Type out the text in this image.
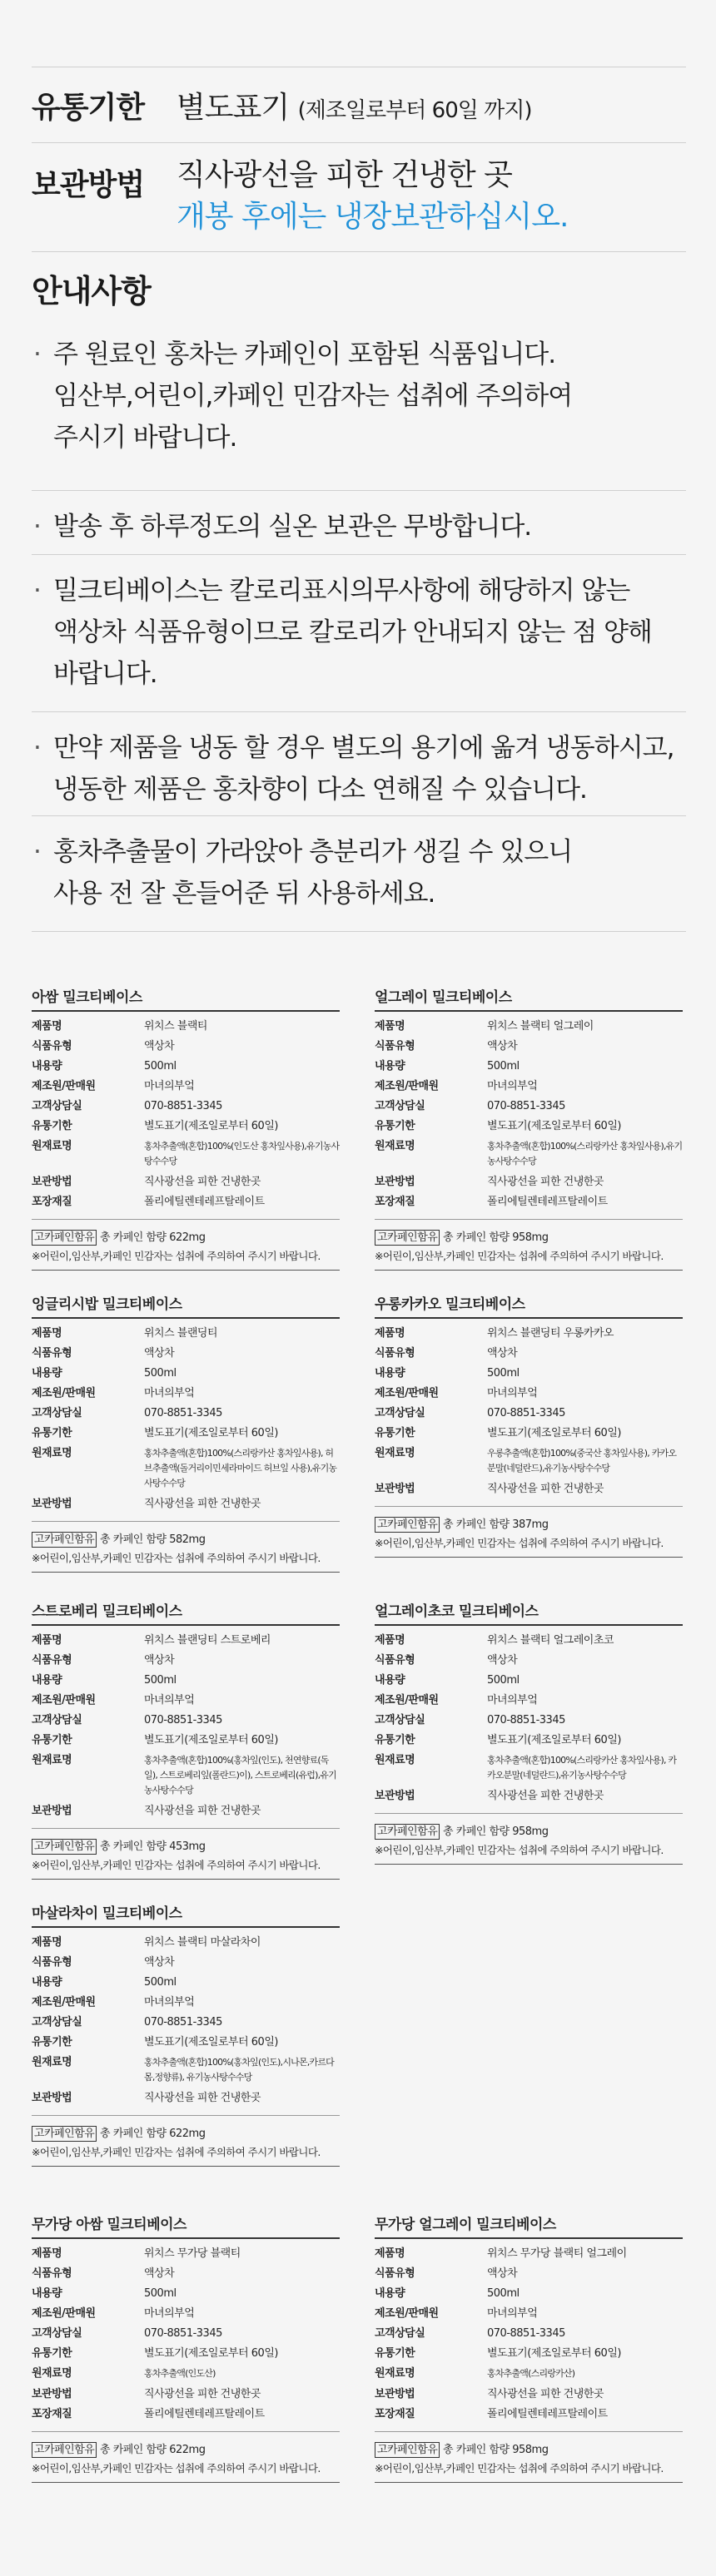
유통기한	별도표기 (제조일로부터 60일 까지)
보관방법	직사광선을 피한 건냉한 곳
개봉 후에는 냉장보관하십시오.
안내사항
· 주 원료인 홍차는 카페인이 포함된 식품입니다.
임산부,어린이,카페인 민감자는 섭취에 주의하여
주시기 바랍니다.
· 발송 후 하루정도의 실온 보관은 무방합니다.
· 밀크티베이스는 칼로리표시의무사항에 해당하지 않는
액상차 식품유형이므로 칼로리가 안내되지 않는 점 양해
바랍니다.
· 만약 제품을 냉동 할 경우 별도의 용기에 옮겨 냉동하시고,
냉동한 제품은 홍차향이 다소 연해질 수 있습니다.
· 홍차추출물이 가라앉아 층분리가 생길 수 있으니
사용 전 잘 흔들어준 뒤 사용하세요.
아쌈 밀크티베이스
제품명	위치스 블랙티
식품유형	액상차
내용량	500ml
제조원/판매원	마녀의부엌
고객상담실	070-8851-3345
유통기한	별도표기(제조일로부터 60일)
원재료명	홍차추출액(혼합)100%(인도산 홍차잎사용),유기농사탕수수당
보관방법	직사광선을 피한 건냉한곳
포장재질	폴리에틸렌테레프탈레이트
고카페인함유 총 카페인 함량 622mg
※어린이,임산부,카페인 민감자는 섭취에 주의하여 주시기 바랍니다.
얼그레이 밀크티베이스
제품명	위치스 블랙티 얼그레이
식품유형	액상차
내용량	500ml
제조원/판매원	마녀의부엌
고객상담실	070-8851-3345
유통기한	별도표기(제조일로부터 60일)
원재료명	홍차추출액(혼합)100%(스리랑카산 홍차잎사용),유기농사탕수수당
보관방법	직사광선을 피한 건냉한곳
포장재질	폴리에틸렌테레프탈레이트
고카페인함유 총 카페인 함량 958mg
※어린이,임산부,카페인 민감자는 섭취에 주의하여 주시기 바랍니다.
잉글리시밥 밀크티베이스
제품명	위치스 블랜딩티
식품유형	액상차
내용량	500ml
제조원/판매원	마녀의부엌
고객상담실	070-8851-3345
유통기한	별도표기(제조일로부터 60일)
원재료명	홍차추출액(혼합)100%(스리랑카산 홍차잎사용), 허브추출액(돌거리이민세라마이드 허브잎 사용),유기농사탕수수당
보관방법	직사광선을 피한 건냉한곳
고카페인함유 총 카페인 함량 582mg
※어린이,임산부,카페인 민감자는 섭취에 주의하여 주시기 바랍니다.
우롱카카오 밀크티베이스
제품명	위치스 블랜딩티 우롱카카오
식품유형	액상차
내용량	500ml
제조원/판매원	마녀의부엌
고객상담실	070-8851-3345
유통기한	별도표기(제조일로부터 60일)
원재료명	우롱추출액(혼합)100%(중국산 홍차잎사용), 카카오분말(네덜란드),유기농사탕수수당
보관방법	직사광선을 피한 건냉한곳
고카페인함유 총 카페인 함량 387mg
※어린이,임산부,카페인 민감자는 섭취에 주의하여 주시기 바랍니다.
스트로베리 밀크티베이스
제품명	위치스 블랜딩티 스트로베리
식품유형	액상차
내용량	500ml
제조원/판매원	마녀의부엌
고객상담실	070-8851-3345
유통기한	별도표기(제조일로부터 60일)
원재료명	홍차추출액(혼합)100%(홍차잎(인도), 천연향료(독일), 스트로베리잎(폴란드)이), 스트로베리(유럽),유기농사탕수수당
보관방법	직사광선을 피한 건냉한곳
고카페인함유 총 카페인 함량 453mg
※어린이,임산부,카페인 민감자는 섭취에 주의하여 주시기 바랍니다.
얼그레이초코 밀크티베이스
제품명	위치스 블랙티 얼그레이초코
식품유형	액상차
내용량	500ml
제조원/판매원	마녀의부엌
고객상담실	070-8851-3345
유통기한	별도표기(제조일로부터 60일)
원재료명	홍차추출액(혼합)100%(스리랑카산 홍차잎사용), 카카오분말(네덜란드),유기농사탕수수당
보관방법	직사광선을 피한 건냉한곳
고카페인함유 총 카페인 함량 958mg
※어린이,임산부,카페인 민감자는 섭취에 주의하여 주시기 바랍니다.
마살라차이 밀크티베이스
제품명	위치스 블랙티 마살라차이
식품유형	액상차
내용량	500ml
제조원/판매원	마녀의부엌
고객상담실	070-8851-3345
유통기한	별도표기(제조일로부터 60일)
원재료명	홍차추출액(혼합)100%(홍차잎(인도),시나몬,카르다몸,정향류), 유기농사탕수수당
보관방법	직사광선을 피한 건냉한곳
고카페인함유 총 카페인 함량 622mg
※어린이,임산부,카페인 민감자는 섭취에 주의하여 주시기 바랍니다.
무가당 아쌈 밀크티베이스
제품명	위치스 무가당 블랙티
식품유형	액상차
내용량	500ml
제조원/판매원	마녀의부엌
고객상담실	070-8851-3345
유통기한	별도표기(제조일로부터 60일)
원재료명	홍차추출액(인도산)
보관방법	직사광선을 피한 건냉한곳
포장재질	폴리에틸렌테레프탈레이트
고카페인함유 총 카페인 함량 622mg
※어린이,임산부,카페인 민감자는 섭취에 주의하여 주시기 바랍니다.
무가당 얼그레이 밀크티베이스
제품명	위치스 무가당 블랙티 얼그레이
식품유형	액상차
내용량	500ml
제조원/판매원	마녀의부엌
고객상담실	070-8851-3345
유통기한	별도표기(제조일로부터 60일)
원재료명	홍차추출액(스리랑카산)
보관방법	직사광선을 피한 건냉한곳
포장재질	폴리에틸렌테레프탈레이트
고카페인함유 총 카페인 함량 958mg
※어린이,임산부,카페인 민감자는 섭취에 주의하여 주시기 바랍니다.
